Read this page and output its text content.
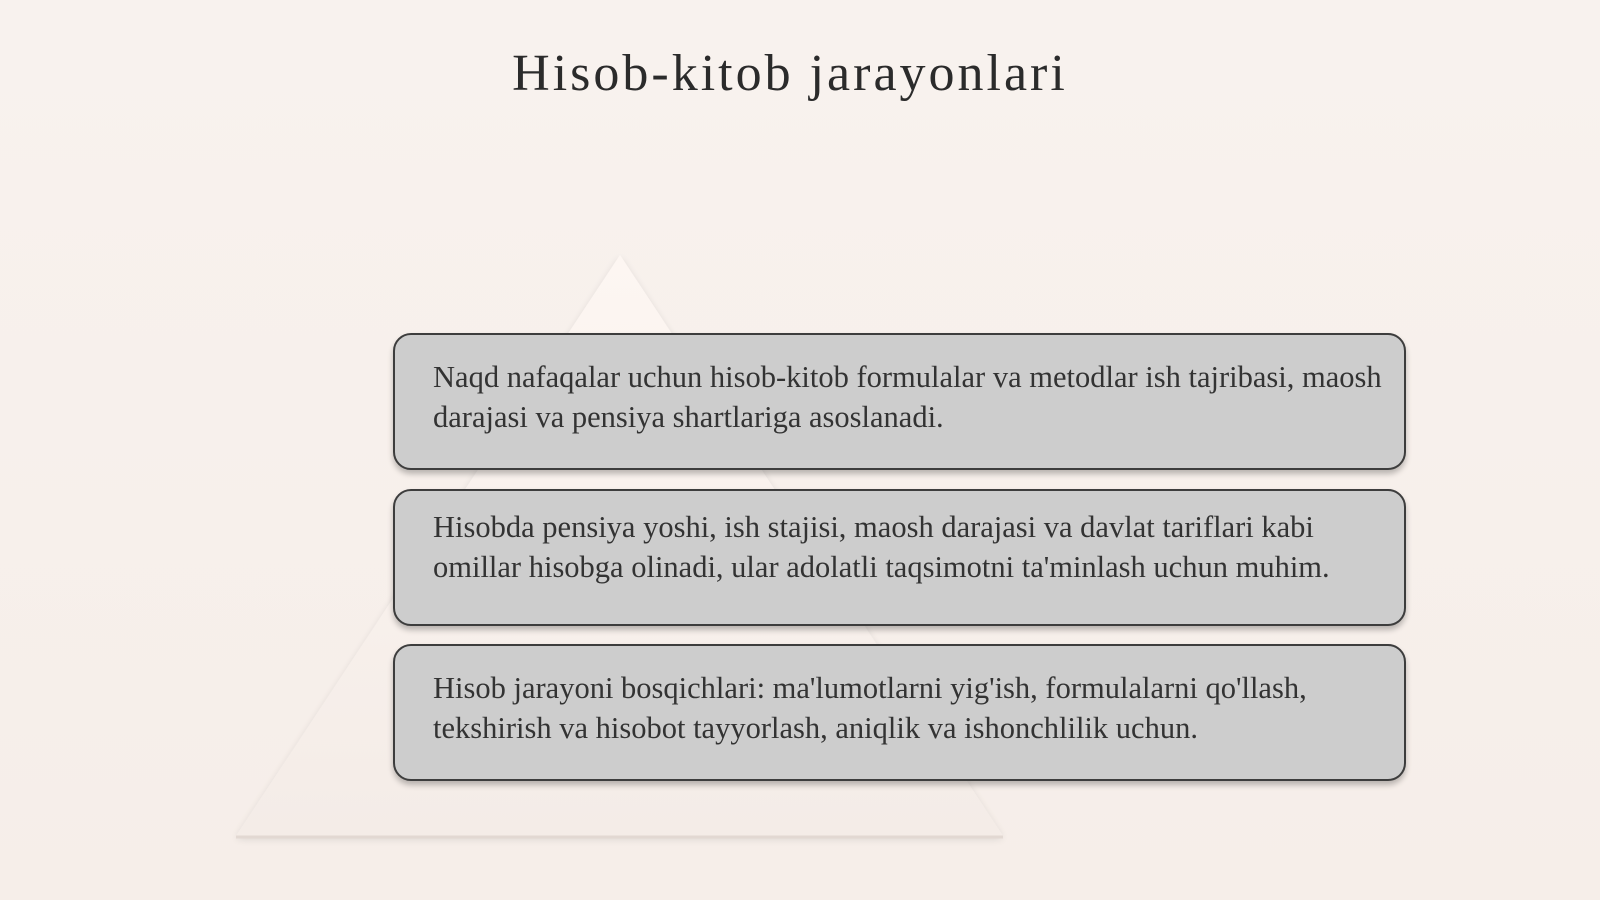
Hisob-kitob jarayonlari
Naqd nafaqalar uchun hisob-kitob formulalar va metodlar ish tajribasi, maosh darajasi va pensiya shartlariga asoslanadi.
Hisobda pensiya yoshi, ish stajisi, maosh darajasi va davlat tariflari kabi omillar hisobga olinadi, ular adolatli taqsimotni ta'minlash uchun muhim.
Hisob jarayoni bosqichlari: ma'lumotlarni yig'ish, formulalarni qo'llash, tekshirish va hisobot tayyorlash, aniqlik va ishonchlilik uchun.
